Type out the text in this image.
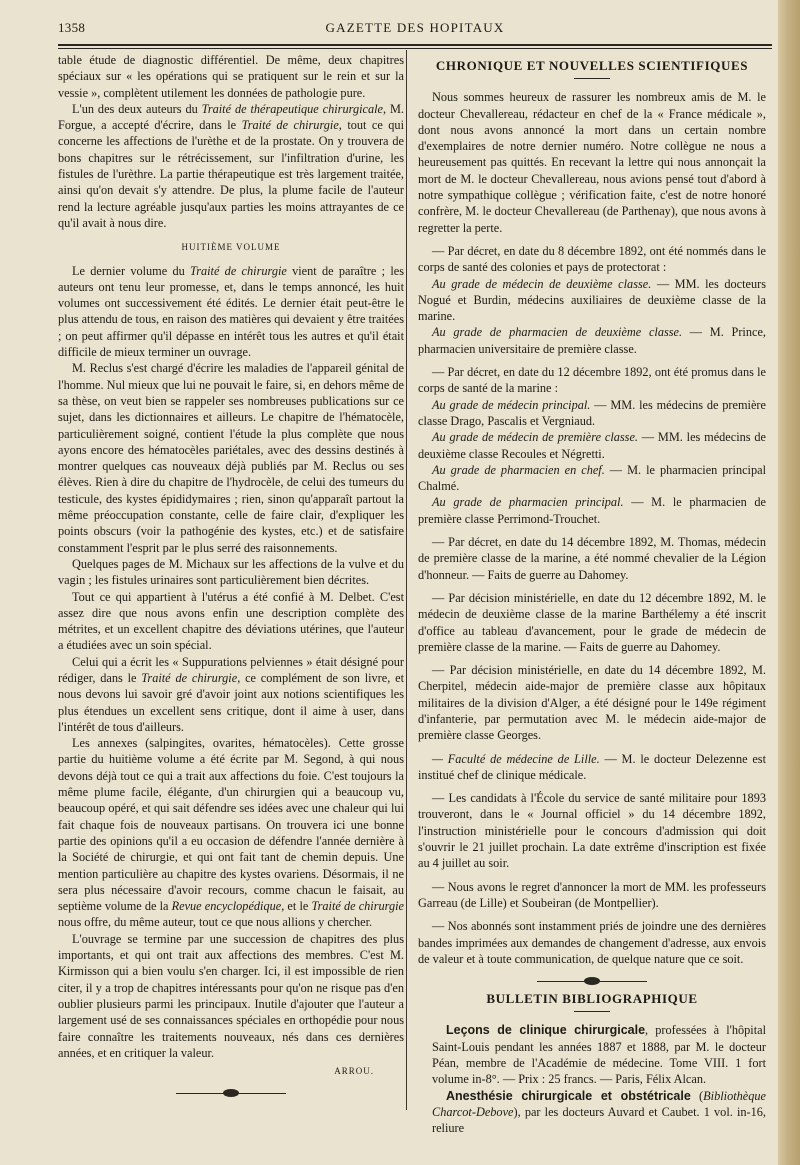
1358	GAZETTE DES HOPITAUX

table étude de diagnostic différentiel. De même, deux chapitres spéciaux sur « les opérations qui se pratiquent sur le rein et sur la vessie », complètent utilement les données de pathologie pure.

L'un des deux auteurs du Traité de thérapeutique chirurgicale, M. Forgue, a accepté d'écrire, dans le Traité de chirurgie, tout ce qui concerne les affections de l'urèthe et de la prostate. On y trouvera de bons chapitres sur le rétrécissement, sur l'infiltration d'urine, les fistules de l'urèthre. La partie thérapeutique est très largement traitée, ainsi qu'on devait s'y attendre. De plus, la plume facile de l'auteur rend la lecture agréable jusqu'aux parties les moins attrayantes de ce qu'il avait à nous dire.

HUITIÈME VOLUME

Le dernier volume du Traité de chirurgie vient de paraître ; les auteurs ont tenu leur promesse, et, dans le temps annoncé, les huit volumes ont successivement été édités. Le dernier était peut-être le plus attendu de tous, en raison des matières qui devaient y être traitées ; on peut affirmer qu'il dépasse en intérêt tous les autres et qu'il était difficile de mieux terminer un ouvrage.

M. Reclus s'est chargé d'écrire les maladies de l'appareil génital de l'homme. Nul mieux que lui ne pouvait le faire, si, en dehors même de sa thèse, on veut bien se rappeler ses nombreuses publications sur ce sujet, dans les dictionnaires et ailleurs. Le chapitre de l'hématocèle, particulièrement soigné, contient l'étude la plus complète que nous ayons encore des hématocèles pariétales, avec des dessins destinés à montrer quelques cas nouveaux déjà publiés par M. Reclus ou ses élèves. Rien à dire du chapitre de l'hydrocèle, de celui des tumeurs du testicule, des kystes épididymaires ; rien, sinon qu'apparaît partout la même préoccupation constante, celle de faire clair, d'expliquer les points obscurs (voir la pathogénie des kystes, etc.) et de satisfaire constamment l'esprit par le plus serré des raisonnements.

Quelques pages de M. Michaux sur les affections de la vulve et du vagin ; les fistules urinaires sont particulièrement bien décrites.

Tout ce qui appartient à l'utérus a été confié à M. Delbet. C'est assez dire que nous avons enfin une description complète des métrites, et un excellent chapitre des déviations utérines, que l'auteur a étudiées avec un soin spécial.

Celui qui a écrit les « Suppurations pelviennes » était désigné pour rédiger, dans le Traité de chirurgie, ce complément de son livre, et nous devons lui savoir gré d'avoir joint aux notions scientifiques les plus étendues un excellent sens critique, dont il aime à user, dans l'intérêt de tous d'ailleurs.

Les annexes (salpingites, ovarites, hématocèles). Cette grosse partie du huitième volume a été écrite par M. Segond, à qui nous devons déjà tout ce qui a trait aux affections du foie. C'est toujours la même plume facile, élégante, d'un chirurgien qui a beaucoup vu, beaucoup opéré, et qui sait défendre ses idées avec une chaleur qui lui fait chaque fois de nouveaux partisans. On trouvera ici une bonne partie des opinions qu'il a eu occasion de défendre l'année dernière à la Société de chirurgie, et qui ont fait tant de chemin depuis. Une mention particulière au chapitre des kystes ovariens. Désormais, il ne sera plus nécessaire d'avoir recours, comme chacun le faisait, au septième volume de la Revue encyclopédique, et le Traité de chirurgie nous offre, du même auteur, tout ce que nous allions y chercher.

L'ouvrage se termine par une succession de chapitres des plus importants, et qui ont trait aux affections des membres. C'est M. Kirmisson qui a bien voulu s'en charger. Ici, il est impossible de rien citer, il y a trop de chapitres intéressants pour qu'on ne risque pas d'en oublier plusieurs parmi les principaux. Inutile d'ajouter que l'auteur a largement usé de ses connaissances spéciales en orthopédie pour nous faire connaître les traitements nouveaux, nés dans ces dernières années, et en critiquer la valeur.

ARROU.
CHRONIQUE ET NOUVELLES SCIENTIFIQUES

Nous sommes heureux de rassurer les nombreux amis de M. le docteur Chevallereau, rédacteur en chef de la « France médicale », dont nous avons annoncé la mort dans un certain nombre d'exemplaires de notre dernier numéro. Notre collègue ne nous a heureusement pas quittés. En recevant la lettre qui nous annonçait la mort de M. le docteur Chevallereau, nous avions pensé tout d'abord à notre sympathique collègue ; vérification faite, c'est de notre honoré confrère, M. le docteur Chevallereau (de Parthenay), que nous avons à regretter la perte.

— Par décret, en date du 8 décembre 1892, ont été nommés dans le corps de santé des colonies et pays de protectorat :

Au grade de médecin de deuxième classe. — MM. les docteurs Nogué et Burdin, médecins auxiliaires de deuxième classe de la marine.

Au grade de pharmacien de deuxième classe. — M. Prince, pharmacien universitaire de première classe.

— Par décret, en date du 12 décembre 1892, ont été promus dans le corps de santé de la marine :

Au grade de médecin principal. — MM. les médecins de première classe Drago, Pascalis et Vergniaud.

Au grade de médecin de première classe. — MM. les médecins de deuxième classe Recoules et Négretti.

Au grade de pharmacien en chef. — M. le pharmacien principal Chalmé.

Au grade de pharmacien principal. — M. le pharmacien de première classe Perrimond-Trouchet.

— Par décret, en date du 14 décembre 1892, M. Thomas, médecin de première classe de la marine, a été nommé chevalier de la Légion d'honneur. — Faits de guerre au Dahomey.

— Par décision ministérielle, en date du 12 décembre 1892, M. le médecin de deuxième classe de la marine Barthélemy a été inscrit d'office au tableau d'avancement, pour le grade de médecin de première classe de la marine. — Faits de guerre au Dahomey.

— Par décision ministérielle, en date du 14 décembre 1892, M. Cherpitel, médecin aide-major de première classe aux hôpitaux militaires de la division d'Alger, a été désigné pour le 149e régiment d'infanterie, par permutation avec M. le médecin aide-major de première classe Georges.

— Faculté de médecine de Lille. — M. le docteur Delezenne est institué chef de clinique médicale.

— Les candidats à l'École du service de santé militaire pour 1893 trouveront, dans le « Journal officiel » du 14 décembre 1892, l'instruction ministérielle pour le concours d'admission qui doit s'ouvrir le 21 juillet prochain. La date extrême d'inscription est fixée au 4 juillet au soir.

— Nous avons le regret d'annoncer la mort de MM. les professeurs Garreau (de Lille) et Soubeiran (de Montpellier).

— Nos abonnés sont instamment priés de joindre une des dernières bandes imprimées aux demandes de changement d'adresse, aux envois de valeur et à toute communication, de quelque nature que ce soit.

BULLETIN BIBLIOGRAPHIQUE

Leçons de clinique chirurgicale, professées à l'hôpital Saint-Louis pendant les années 1887 et 1888, par M. le docteur Péan, membre de l'Académie de médecine. Tome VIII. 1 fort volume in-8°. — Prix : 25 francs. — Paris, Félix Alcan.

Anesthésie chirurgicale et obstétricale (Bibliothèque Charcot-Debove), par les docteurs Auvard et Caubet. 1 vol. in-16, reliure
